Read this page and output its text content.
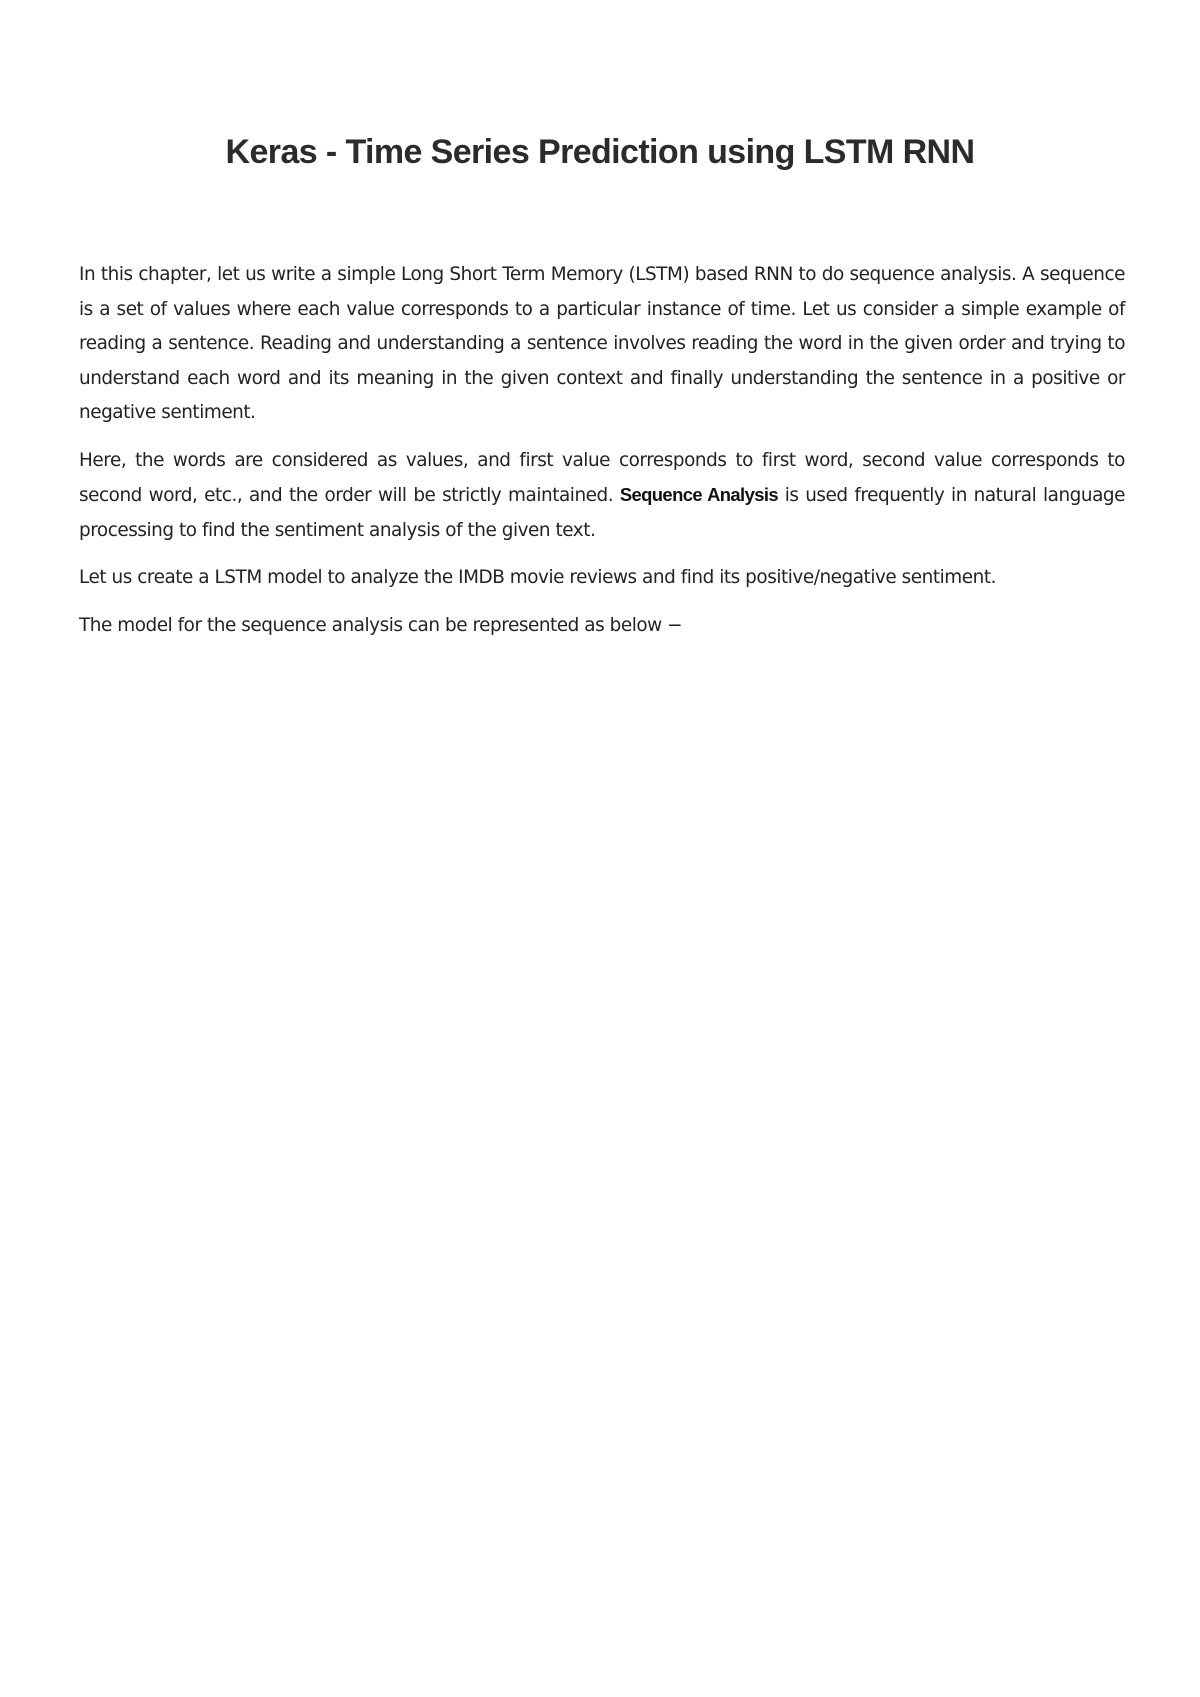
Keras - Time Series Prediction using LSTM RNN

In this chapter, let us write a simple Long Short Term Memory (LSTM) based RNN to do sequence analysis. A sequence is a set of values where each value corresponds to a particular instance of time. Let us consider a simple example of reading a sentence. Reading and understanding a sentence involves reading the word in the given order and trying to understand each word and its meaning in the given context and finally understanding the sentence in a positive or negative sentiment.

Here, the words are considered as values, and first value corresponds to first word, second value corresponds to second word, etc., and the order will be strictly maintained. Sequence Analysis is used frequently in natural language processing to find the sentiment analysis of the given text.

Let us create a LSTM model to analyze the IMDB movie reviews and find its positive/negative sentiment.

The model for the sequence analysis can be represented as below −
